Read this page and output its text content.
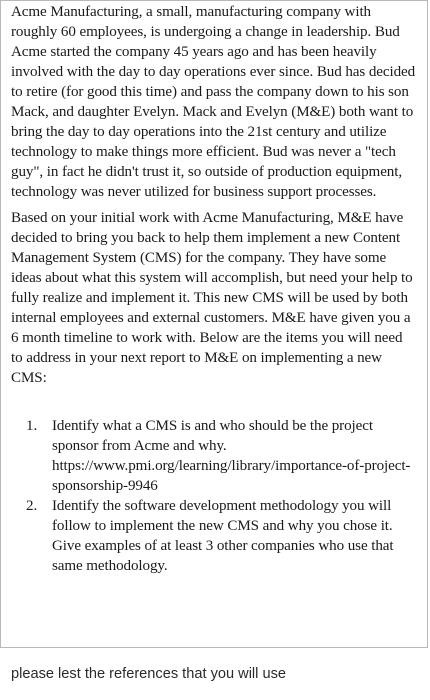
Acme Manufacturing, a small, manufacturing company with roughly 60 employees, is undergoing a change in leadership. Bud Acme started the company 45 years ago and has been heavily involved with the day to day operations ever since. Bud has decided to retire (for good this time) and pass the company down to his son Mack, and daughter Evelyn. Mack and Evelyn (M&E) both want to bring the day to day operations into the 21st century and utilize technology to make things more efficient. Bud was never a "tech guy", in fact he didn't trust it, so outside of production equipment, technology was never utilized for business support processes.

Based on your initial work with Acme Manufacturing, M&E have decided to bring you back to help them implement a new Content Management System (CMS) for the company. They have some ideas about what this system will accomplish, but need your help to fully realize and implement it. This new CMS will be used by both internal employees and external customers. M&E have given you a 6 month timeline to work with. Below are the items you will need to address in your next report to M&E on implementing a new CMS:

1. Identify what a CMS is and who should be the project sponsor from Acme and why. https://www.pmi.org/learning/library/importance-of-project-sponsorship-9946
2. Identify the software development methodology you will follow to implement the new CMS and why you chose it. Give examples of at least 3 other companies who use that same methodology.
please lest the references that you will use
